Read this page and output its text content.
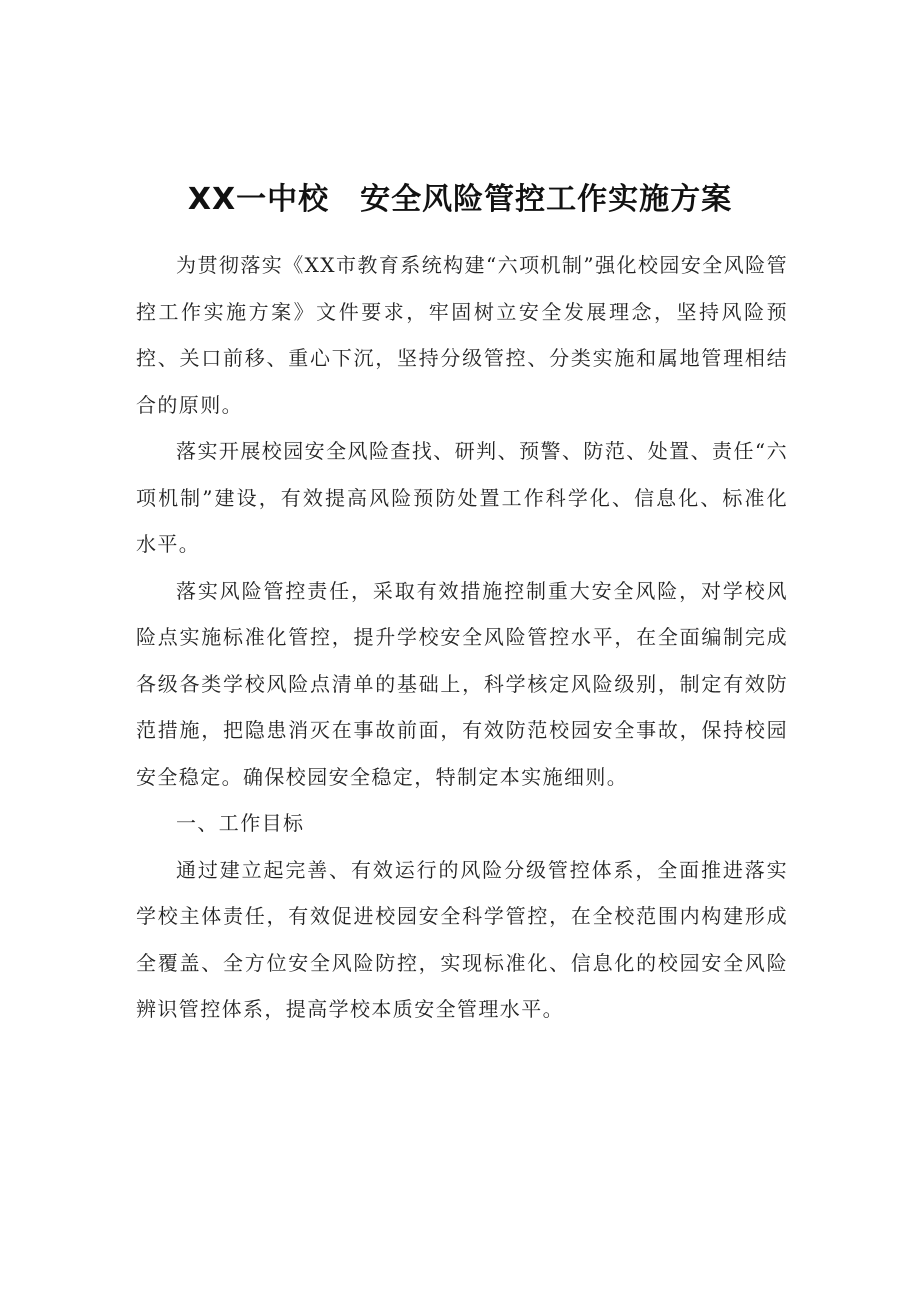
XX一中校　安全风险管控工作实施方案

为贯彻落实《XX市教育系统构建“六项机制”强化校园安全风险管控工作实施方案》文件要求，牢固树立安全发展理念，坚持风险预控、关口前移、重心下沉，坚持分级管控、分类实施和属地管理相结合的原则。

落实开展校园安全风险查找、研判、预警、防范、处置、责任“六项机制”建设，有效提高风险预防处置工作科学化、信息化、标准化水平。

落实风险管控责任，采取有效措施控制重大安全风险，对学校风险点实施标准化管控，提升学校安全风险管控水平，在全面编制完成各级各类学校风险点清单的基础上，科学核定风险级别，制定有效防范措施，把隐患消灭在事故前面，有效防范校园安全事故，保持校园安全稳定。确保校园安全稳定，特制定本实施细则。

一、工作目标

通过建立起完善、有效运行的风险分级管控体系，全面推进落实学校主体责任，有效促进校园安全科学管控，在全校范围内构建形成全覆盖、全方位安全风险防控，实现标准化、信息化的校园安全风险辨识管控体系，提高学校本质安全管理水平。
